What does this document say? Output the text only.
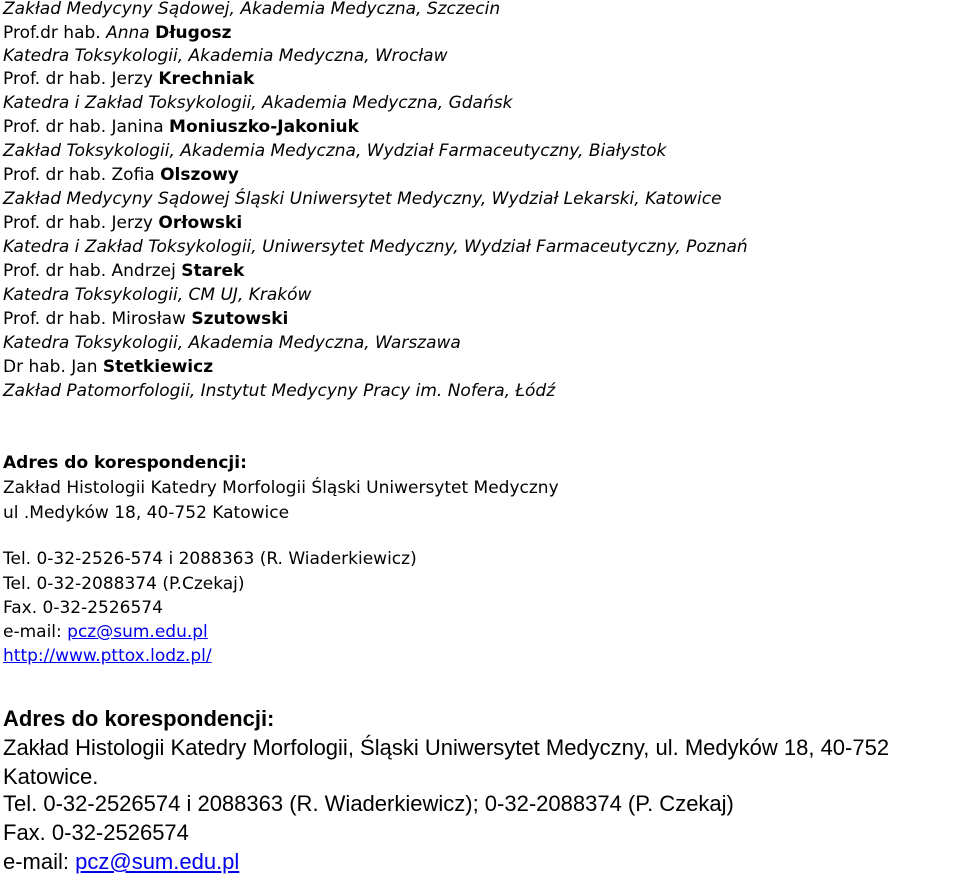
Zakład Medycyny Sądowej, Akademia Medyczna, Szczecin
Prof.dr hab. Anna Długosz
Katedra Toksykologii, Akademia Medyczna, Wrocław
Prof. dr hab. Jerzy Krechniak
Katedra i Zakład Toksykologii, Akademia Medyczna, Gdańsk
Prof. dr hab. Janina Moniuszko-Jakoniuk
Zakład Toksykologii, Akademia Medyczna, Wydział Farmaceutyczny, Białystok
Prof. dr hab. Zofia Olszowy
Zakład Medycyny Sądowej Śląski Uniwersytet Medyczny, Wydział Lekarski, Katowice
Prof. dr hab. Jerzy Orłowski
Katedra i Zakład Toksykologii, Uniwersytet Medyczny, Wydział Farmaceutyczny, Poznań
Prof. dr hab. Andrzej Starek
Katedra Toksykologii, CM UJ, Kraków
Prof. dr hab. Mirosław Szutowski
Katedra Toksykologii, Akademia Medyczna, Warszawa
Dr hab. Jan Stetkiewicz
Zakład Patomorfologii, Instytut Medycyny Pracy im. Nofera, Łódź
Adres do korespondencji:
Zakład Histologii Katedry Morfologii Śląski Uniwersytet Medyczny
ul .Medyków 18, 40-752 Katowice
Tel. 0-32-2526-574 i 2088363 (R. Wiaderkiewicz)
Tel. 0-32-2088374 (P.Czekaj)
Fax. 0-32-2526574
e-mail: pcz@sum.edu.pl
http://www.pttox.lodz.pl/
Adres do korespondencji:
Zakład Histologii Katedry Morfologii, Śląski Uniwersytet Medyczny, ul. Medyków 18, 40-752 Katowice.
Tel. 0-32-2526574 i 2088363 (R. Wiaderkiewicz); 0-32-2088374 (P. Czekaj)
Fax. 0-32-2526574
e-mail: pcz@sum.edu.pl
